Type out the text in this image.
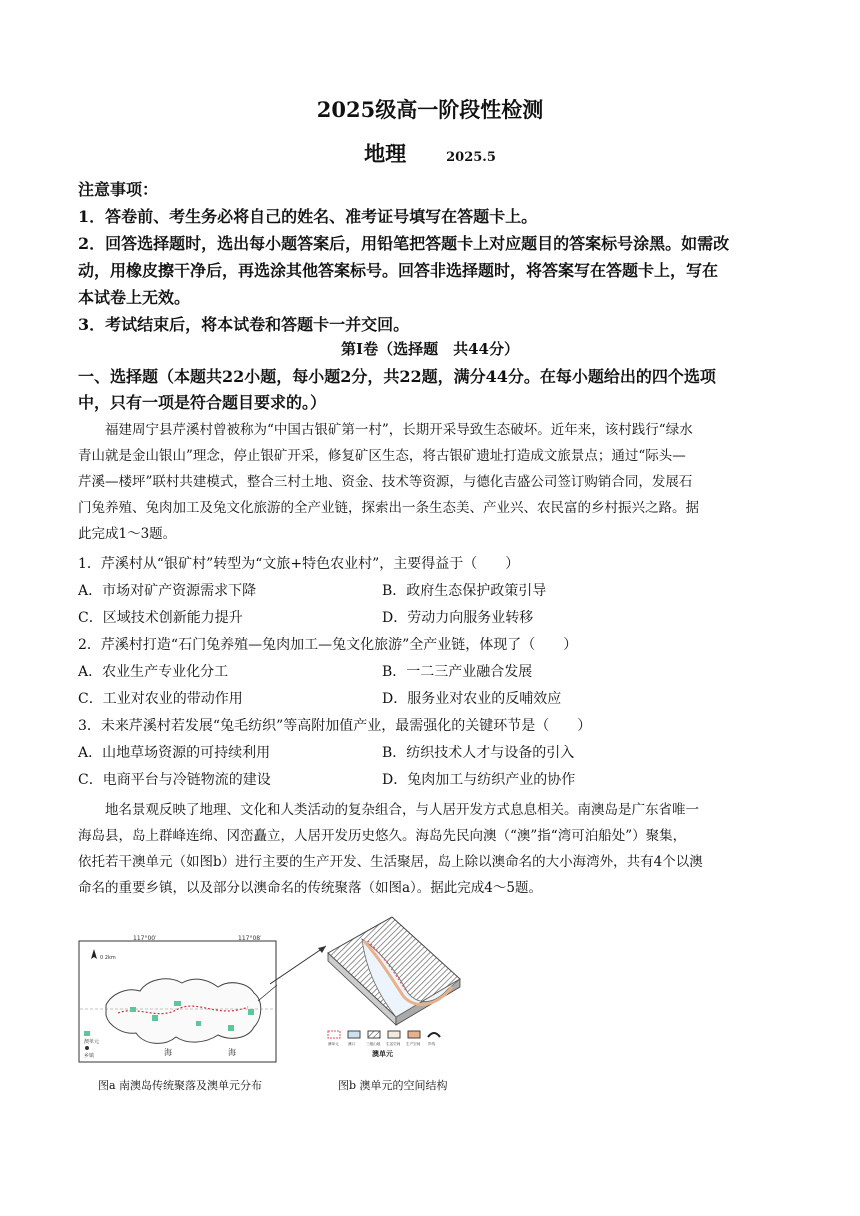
2025级高一阶段性检测
地理	2025.5
注意事项：
1．答卷前、考生务必将自己的姓名、准考证号填写在答题卡上。
2．回答选择题时，选出每小题答案后，用铅笔把答题卡上对应题目的答案标号涂黑。如需改
动，用橡皮擦干净后，再选涂其他答案标号。回答非选择题时，将答案写在答题卡上，写在
本试卷上无效。
3．考试结束后，将本试卷和答题卡一并交回。
第Ⅰ卷（选择题　共44分）
一、选择题（本题共22小题，每小题2分，共22题，满分44分。在每小题给出的四个选项
中，只有一项是符合题目要求的。）
　　福建周宁县芹溪村曾被称为“中国古银矿第一村”，长期开采导致生态破坏。近年来，该村践行“绿水
青山就是金山银山”理念，停止银矿开采，修复矿区生态，将古银矿遗址打造成文旅景点；通过“际头—
芹溪—楼坪”联村共建模式，整合三村土地、资金、技术等资源，与德化吉盛公司签订购销合同，发展石
门兔养殖、兔肉加工及兔文化旅游的全产业链，探索出一条生态美、产业兴、农民富的乡村振兴之路。据
此完成1～3题。
1．芹溪村从“银矿村”转型为“文旅+特色农业村”，主要得益于（　　）
A．市场对矿产资源需求下降	B．政府生态保护政策引导
C．区域技术创新能力提升	D．劳动力向服务业转移
2．芹溪村打造“石门兔养殖—兔肉加工—兔文化旅游”全产业链，体现了（　　）
A．农业生产专业化分工	B．一二三产业融合发展
C．工业对农业的带动作用	D．服务业对农业的反哺效应
3．未来芹溪村若发展“兔毛纺织”等高附加值产业，最需强化的关键环节是（　　）
A．山地草场资源的可持续利用	B．纺织技术人才与设备的引入
C．电商平台与冷链物流的建设	D．兔肉加工与纺织产业的协作
　　地名景观反映了地理、文化和人类活动的复杂组合，与人居开发方式息息相关。南澳岛是广东省唯一
海岛县，岛上群峰连绵、冈峦矗立，人居开发历史悠久。海岛先民向澳（“澳”指“湾可泊船处”）聚集，
依托若干澳单元（如图b）进行主要的生产开发、生活聚居，岛上除以澳命名的大小海湾外，共有4个以澳
命名的重要乡镇，以及部分以澳命名的传统聚落（如图a）。据此完成4～5题。
117°00′	117°08′
0 2km
海	海
澳单元
乡镇
图a 南澳岛传统聚落及澳单元分布
澳单元	澳口	三级山地 生活空间 生产空间 岸线
澳单元
图b 澳单元的空间结构
